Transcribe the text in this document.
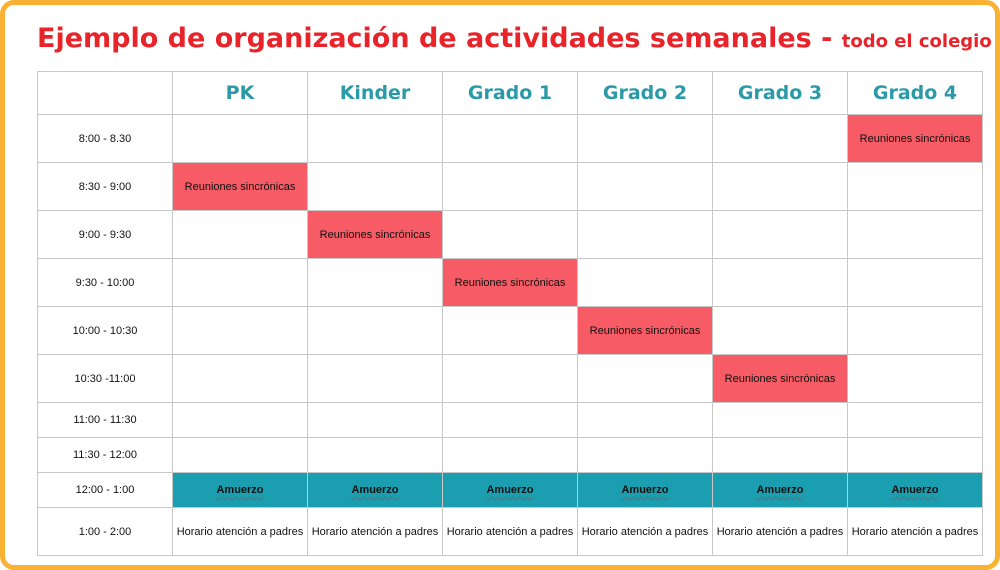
Ejemplo de organización de actividades semanales - todo el colegio
	PK	Kinder	Grado 1	Grado 2	Grado 3	Grado 4
8:00 - 8.30						Reuniones sincrónicas
8:30 - 9:00	Reuniones sincrónicas					
9:00 - 9:30		Reuniones sincrónicas				
9:30 - 10:00			Reuniones sincrónicas			
10:00 - 10:30				Reuniones sincrónicas		
10:30 -11:00					Reuniones sincrónicas	
11:00 - 11:30						
11:30 - 12:00						
12:00 - 1:00	Amuerzo	Amuerzo	Amuerzo	Amuerzo	Amuerzo	Amuerzo
1:00 - 2:00	Horario atención a padres	Horario atención a padres	Horario atención a padres	Horario atención a padres	Horario atención a padres	Horario atención a padres
